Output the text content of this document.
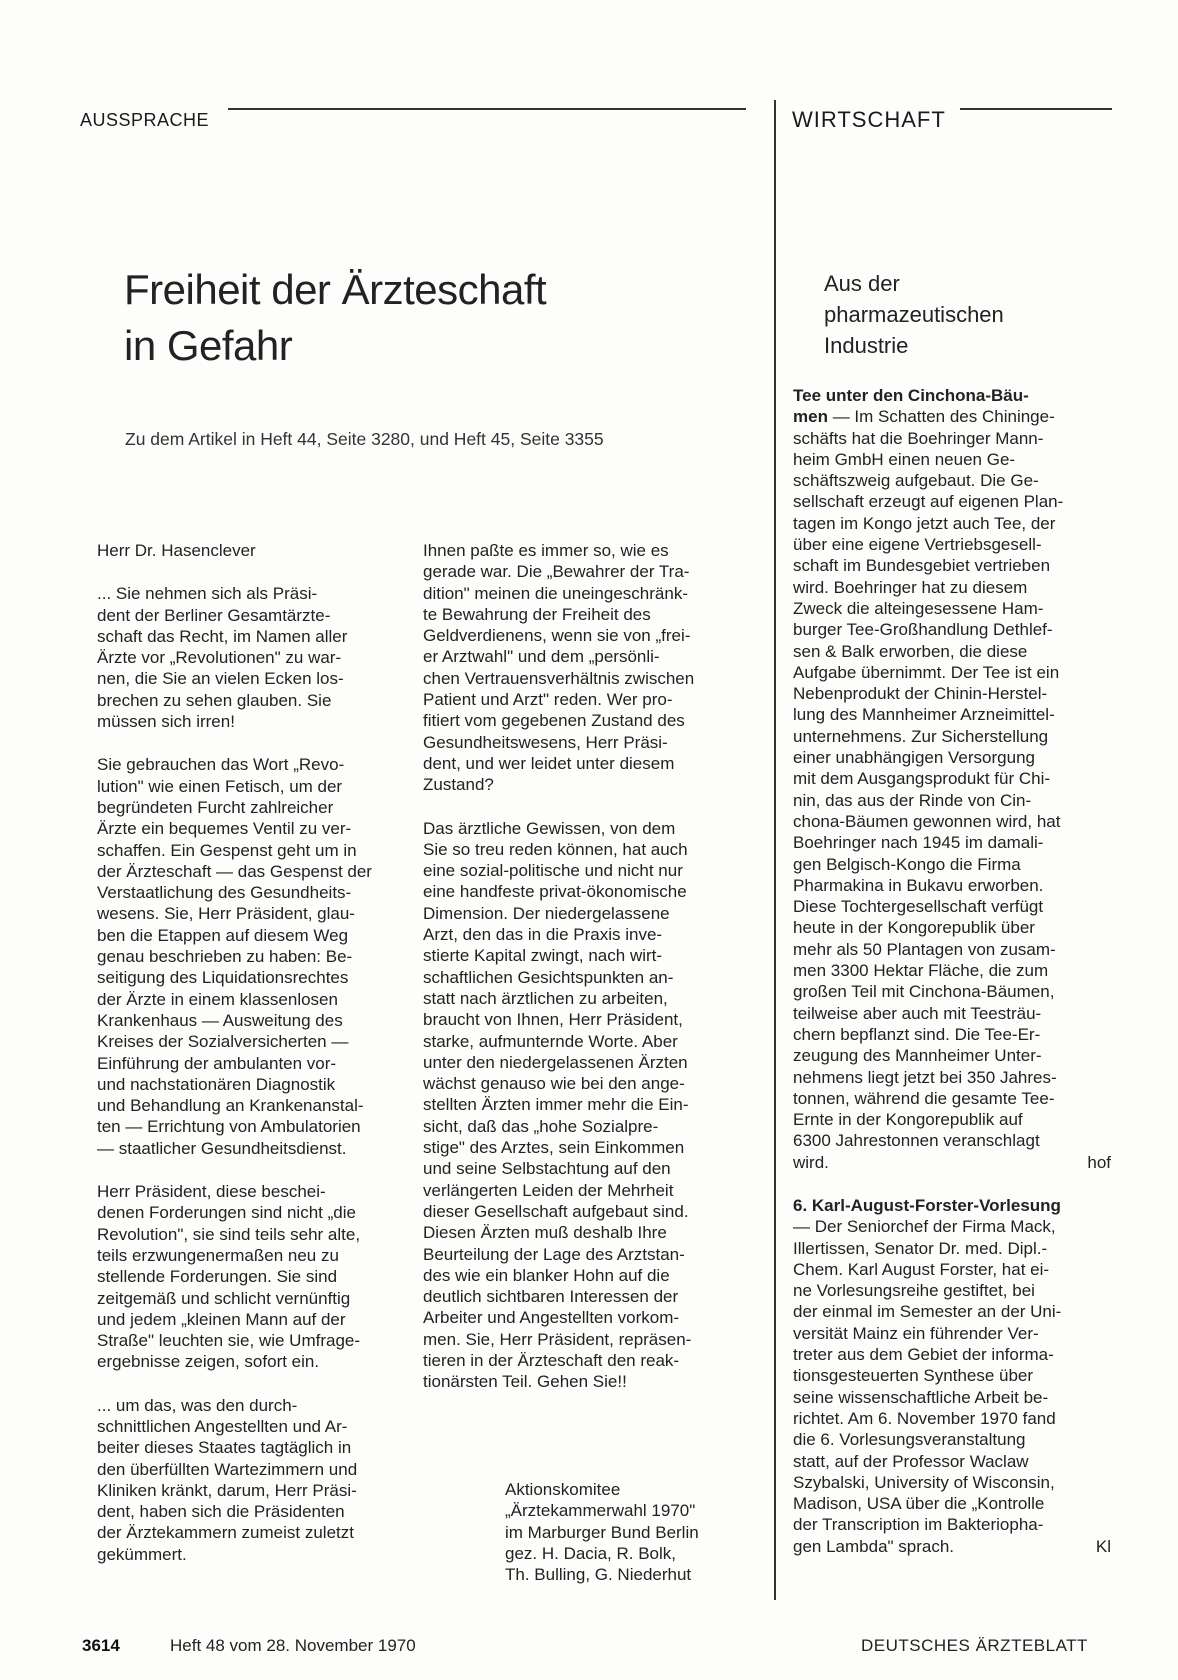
AUSSPRACHE	WIRTSCHAFT
Freiheit der Ärzteschaft
in Gefahr
Zu dem Artikel in Heft 44, Seite 3280, und Heft 45, Seite 3355

Herr Dr. Hasenclever

... Sie nehmen sich als Präsi-
dent der Berliner Gesamtärzte-
schaft das Recht, im Namen aller
Ärzte vor „Revolutionen" zu war-
nen, die Sie an vielen Ecken los-
brechen zu sehen glauben. Sie
müssen sich irren!

Sie gebrauchen das Wort „Revo-
lution" wie einen Fetisch, um der
begründeten Furcht zahlreicher
Ärzte ein bequemes Ventil zu ver-
schaffen. Ein Gespenst geht um in
der Ärzteschaft — das Gespenst der
Verstaatlichung des Gesundheits-
wesens. Sie, Herr Präsident, glau-
ben die Etappen auf diesem Weg
genau beschrieben zu haben: Be-
seitigung des Liquidationsrechtes
der Ärzte in einem klassenlosen
Krankenhaus — Ausweitung des
Kreises der Sozialversicherten —
Einführung der ambulanten vor-
und nachstationären Diagnostik
und Behandlung an Krankenanstal-
ten — Errichtung von Ambulatorien
— staatlicher Gesundheitsdienst.

Herr Präsident, diese beschei-
denen Forderungen sind nicht „die
Revolution", sie sind teils sehr alte,
teils erzwungenermaßen neu zu
stellende Forderungen. Sie sind
zeitgemäß und schlicht vernünftig
und jedem „kleinen Mann auf der
Straße" leuchten sie, wie Umfrage-
ergebnisse zeigen, sofort ein.

... um das, was den durch-
schnittlichen Angestellten und Ar-
beiter dieses Staates tagtäglich in
den überfüllten Wartezimmern und
Kliniken kränkt, darum, Herr Präsi-
dent, haben sich die Präsidenten
der Ärztekammern zumeist zuletzt
gekümmert.

Ihnen paßte es immer so, wie es
gerade war. Die „Bewahrer der Tra-
dition" meinen die uneingeschränk-
te Bewahrung der Freiheit des
Geldverdienens, wenn sie von „frei-
er Arztwahl" und dem „persönli-
chen Vertrauensverhältnis zwischen
Patient und Arzt" reden. Wer pro-
fitiert vom gegebenen Zustand des
Gesundheitswesens, Herr Präsi-
dent, und wer leidet unter diesem
Zustand?

Das ärztliche Gewissen, von dem
Sie so treu reden können, hat auch
eine sozial-politische und nicht nur
eine handfeste privat-ökonomische
Dimension. Der niedergelassene
Arzt, den das in die Praxis inve-
stierte Kapital zwingt, nach wirt-
schaftlichen Gesichtspunkten an-
statt nach ärztlichen zu arbeiten,
braucht von Ihnen, Herr Präsident,
starke, aufmunternde Worte. Aber
unter den niedergelassenen Ärzten
wächst genauso wie bei den ange-
stellten Ärzten immer mehr die Ein-
sicht, daß das „hohe Sozialpre-
stige" des Arztes, sein Einkommen
und seine Selbstachtung auf den
verlängerten Leiden der Mehrheit
dieser Gesellschaft aufgebaut sind.
Diesen Ärzten muß deshalb Ihre
Beurteilung der Lage des Arztstan-
des wie ein blanker Hohn auf die
deutlich sichtbaren Interessen der
Arbeiter und Angestellten vorkom-
men. Sie, Herr Präsident, repräsen-
tieren in der Ärzteschaft den reak-
tionärsten Teil. Gehen Sie!!

Aktionskomitee
„Ärztekammerwahl 1970"
im Marburger Bund Berlin
gez. H. Dacia, R. Bolk,
Th. Bulling, G. Niederhut
Aus der
pharmazeutischen
Industrie
Tee unter den Cinchona-Bäu-
men — Im Schatten des Chininge-
schäfts hat die Boehringer Mann-
heim GmbH einen neuen Ge-
schäftszweig aufgebaut. Die Ge-
sellschaft erzeugt auf eigenen Plan-
tagen im Kongo jetzt auch Tee, der
über eine eigene Vertriebsgesell-
schaft im Bundesgebiet vertrieben
wird. Boehringer hat zu diesem
Zweck die alteingesessene Ham-
burger Tee-Großhandlung Dethlef-
sen & Balk erworben, die diese
Aufgabe übernimmt. Der Tee ist ein
Nebenprodukt der Chinin-Herstel-
lung des Mannheimer Arzneimittel-
unternehmens. Zur Sicherstellung
einer unabhängigen Versorgung
mit dem Ausgangsprodukt für Chi-
nin, das aus der Rinde von Cin-
chona-Bäumen gewonnen wird, hat
Boehringer nach 1945 im damali-
gen Belgisch-Kongo die Firma
Pharmakina in Bukavu erworben.
Diese Tochtergesellschaft verfügt
heute in der Kongorepublik über
mehr als 50 Plantagen von zusam-
men 3300 Hektar Fläche, die zum
großen Teil mit Cinchona-Bäumen,
teilweise aber auch mit Teesträu-
chern bepflanzt sind. Die Tee-Er-
zeugung des Mannheimer Unter-
nehmens liegt jetzt bei 350 Jahres-
tonnen, während die gesamte Tee-
Ernte in der Kongorepublik auf
6300 Jahrestonnen veranschlagt
wird.	hof
6. Karl-August-Forster-Vorlesung
— Der Seniorchef der Firma Mack,
Illertissen, Senator Dr. med. Dipl.-
Chem. Karl August Forster, hat ei-
ne Vorlesungsreihe gestiftet, bei
der einmal im Semester an der Uni-
versität Mainz ein führender Ver-
treter aus dem Gebiet der informa-
tionsgesteuerten Synthese über
seine wissenschaftliche Arbeit be-
richtet. Am 6. November 1970 fand
die 6. Vorlesungsveranstaltung
statt, auf der Professor Waclaw
Szybalski, University of Wisconsin,
Madison, USA über die „Kontrolle
der Transcription im Bakteriopha-
gen Lambda" sprach.	Kl
3614	Heft 48 vom 28. November 1970	DEUTSCHES ÄRZTEBLATT
